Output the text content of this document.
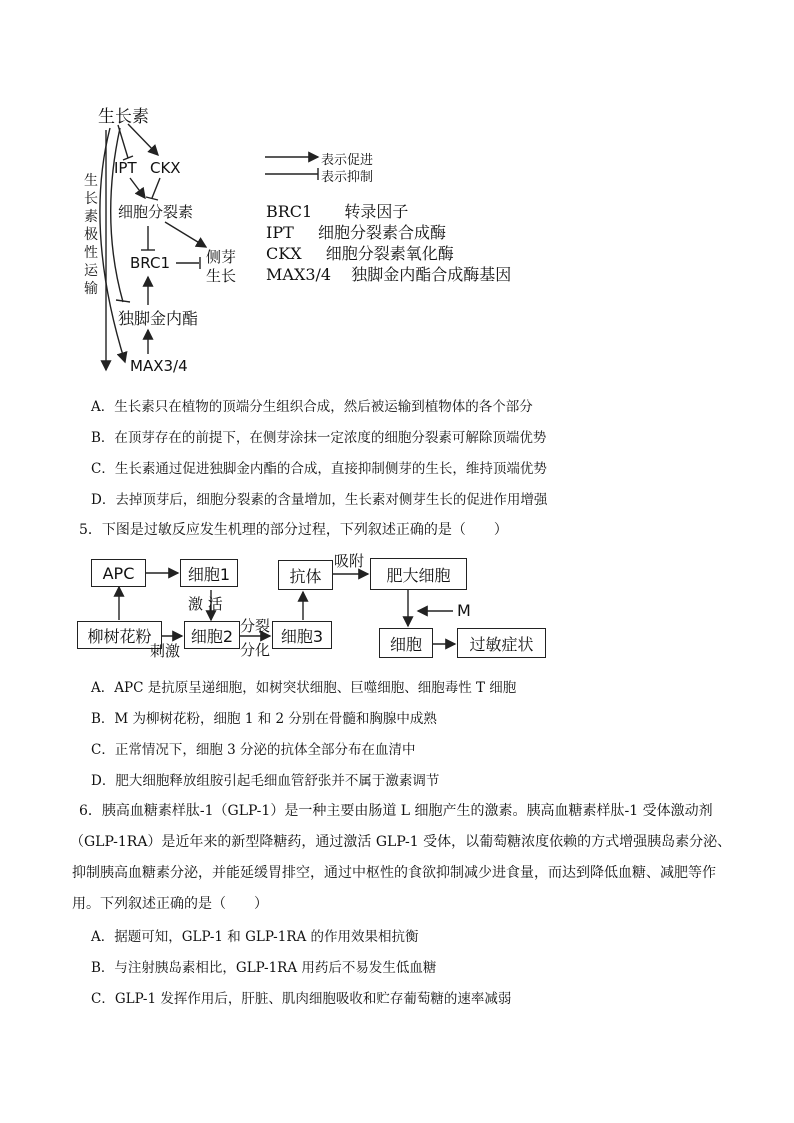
生长素
IPT CKX
细胞分裂素
BRC1 侧芽
生长
独脚金内酯
MAX3/4
生
长
素
极
性
运
输
表示促进
表示抑制
BRC1 转录因子
IPT 细胞分裂素合成酶
CKX 细胞分裂素氧化酶
MAX3/4 独脚金内酯合成酶基因
A．生长素只在植物的顶端分生组织合成，然后被运输到植物体的各个部分
B．在顶芽存在的前提下，在侧芽涂抹一定浓度的细胞分裂素可解除顶端优势
C．生长素通过促进独脚金内酯的合成，直接抑制侧芽的生长，维持顶端优势
D．去掉顶芽后，细胞分裂素的含量增加，生长素对侧芽生长的促进作用增强
5．下图是过敏反应发生机理的部分过程，下列叙述正确的是（　　）
APC	细胞1
柳树花粉	细胞2	细胞3
抗体	肥大细胞
细胞	过敏症状
激 活
刺激
分裂
分化
吸附
M
A．APC 是抗原呈递细胞，如树突状细胞、巨噬细胞、细胞毒性 T 细胞
B．M 为柳树花粉，细胞 1 和 2 分别在骨髓和胸腺中成熟
C．正常情况下，细胞 3 分泌的抗体全部分布在血清中
D．肥大细胞释放组胺引起毛细血管舒张并不属于激素调节
6．胰高血糖素样肽-1（GLP-1）是一种主要由肠道 L 细胞产生的激素。胰高血糖素样肽-1 受体激动剂
（GLP-1RA）是近年来的新型降糖药，通过激活 GLP-1 受体，以葡萄糖浓度依赖的方式增强胰岛素分泌、
抑制胰高血糖素分泌，并能延缓胃排空，通过中枢性的食欲抑制减少进食量，而达到降低血糖、减肥等作
用。下列叙述正确的是（　　）
A．据题可知，GLP-1 和 GLP-1RA 的作用效果相抗衡
B．与注射胰岛素相比，GLP-1RA 用药后不易发生低血糖
C．GLP-1 发挥作用后，肝脏、肌肉细胞吸收和贮存葡萄糖的速率减弱
